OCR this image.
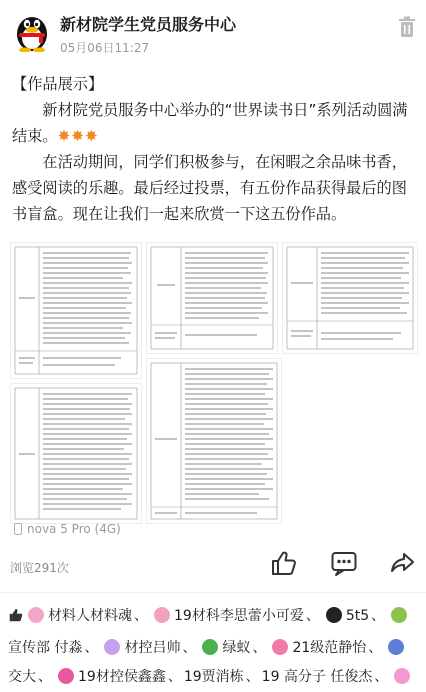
新材院学生党员服务中心
05月06日11:27

【作品展示】

新材院党员服务中心举办的“世界读书日”系列活动圆满结束。✸✸✸

在活动期间，同学们积极参与，在闲暇之余品味书香，感受阅读的乐趣。最后经过投票，有五份作品获得最后的图书盲盒。现在让我们一起来欣赏一下这五份作品。

nova 5 Pro (4G)
浏览291次
材料人材料魂 、 19材科李思蕾小可爱 、 5t5 、宣传部 付淼 、 材控吕帅 、 绿蚁 、 21级范静怡 、交大 、 19材控侯鑫鑫 、 19贾消栋 、 19 高分子 任俊杰 、
